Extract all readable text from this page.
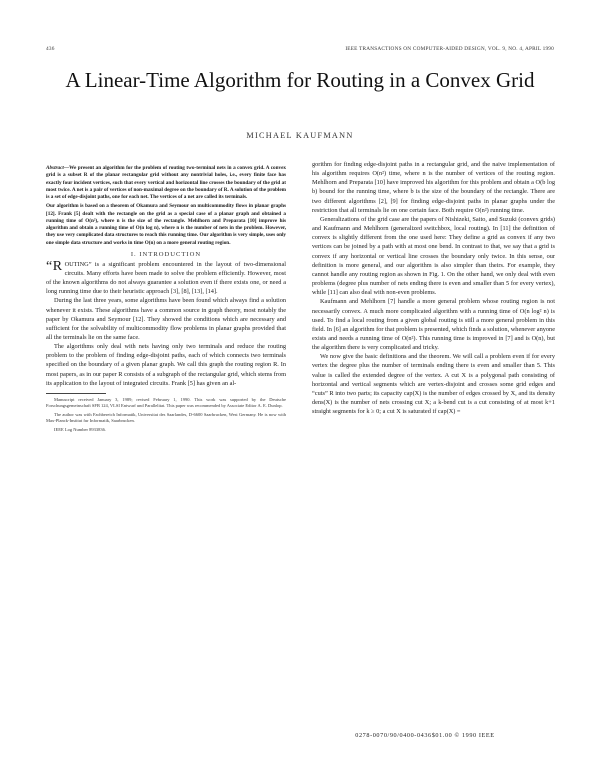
436	IEEE TRANSACTIONS ON COMPUTER-AIDED DESIGN, VOL. 9, NO. 4, APRIL 1990
A Linear-Time Algorithm for Routing in a Convex Grid
MICHAEL KAUFMANN

Abstract—We present an algorithm for the problem of routing two-terminal nets in a convex grid. A convex grid is a subset R of the planar rectangular grid without any nontrivial holes, i.e., every finite face has exactly four incident vertices, such that every vertical and horizontal line crosses the boundary of the grid at most twice. A net is a pair of vertices of non-maximal degree on the boundary of R. A solution of the problem is a set of edge-disjoint paths, one for each net. The vertices of a net are called its terminals.

Our algorithm is based on a theorem of Okamura and Seymour on multicommodity flows in planar graphs [12]. Frank [5] dealt with the rectangle on the grid as a special case of a planar graph and obtained a running time of O(n²), where n is the size of the rectangle. Mehlhorn and Preparata [10] improve his algorithm and obtain a running time of O(n log n), where n is the number of nets in the problem. However, they use very complicated data structures to reach this running time. Our algorithm is very simple, uses only one simple data structure and works in time O(n) on a more general routing region.

I. INTRODUCTION

“ROUTING” is a significant problem encountered in the layout of two-dimensional circuits. Many efforts have been made to solve the problem efficiently. However, most of the known algorithms do not always guarantee a solution even if there exists one, or need a long running time due to their heuristic approach [3], [8], [13], [14].

During the last three years, some algorithms have been found which always find a solution whenever it exists. These algorithms have a common source in graph theory, most notably the paper by Okamura and Seymour [12]. They showed the conditions which are necessary and sufficient for the solvability of multicommodity flow problems in planar graphs provided that all the terminals lie on the same face.

The algorithms only deal with nets having only two terminals and reduce the routing problem to the problem of finding edge-disjoint paths, each of which connects two terminals specified on the boundary of a given planar graph. We call this graph the routing region R. In most papers, as in our paper R consists of a subgraph of the rectangular grid, which stems from its application to the layout of integrated circuits. Frank [5] has given an al-

Manuscript received January 3, 1989; revised February 1, 1990. This work was supported by the Deutsche Forschungsgemeinschaft SFB 124, VLSI Entwurf und Parallelitat. This paper was recommended by Associate Editor A. E. Dunlop.

The author was with Fachbereich Informatik, Universitat des Saarlandes, D-6600 Saarbrucken, West Germany. He is now with Max-Planck-Institut fur Informatik, Saarbrucken.

IEEE Log Number 8933836.

gorithm for finding edge-disjoint paths in a rectangular grid, and the naive implementation of his algorithm requires O(n²) time, where n is the number of vertices of the routing region. Mehlhorn and Preparata [10] have improved his algorithm for this problem and obtain a O(b log b) bound for the running time, where b is the size of the boundary of the rectangle. There are two different algorithms [2], [9] for finding edge-disjoint paths in planar graphs under the restriction that all terminals lie on one certain face. Both require O(n²) running time.

Generalizations of the grid case are the papers of Nishizeki, Saito, and Suzuki (convex grids) and Kaufmann and Mehlhorn (generalized switchbox, local routing). In [11] the definition of convex is slightly different from the one used here: They define a grid as convex if any two vertices can be joined by a path with at most one bend. In contrast to that, we say that a grid is convex if any horizontal or vertical line crosses the boundary only twice. In this sense, our definition is more general, and our algorithm is also simpler than theirs. For example, they cannot handle any routing region as shown in Fig. 1. On the other hand, we only deal with even problems (degree plus number of nets ending there is even and smaller than 5 for every vertex), while [11] can also deal with non-even problems.

Kaufmann and Mehlhorn [7] handle a more general problem whose routing region is not necessarily convex. A much more complicated algorithm with a running time of O(n log² n) is used. To find a local routing from a given global routing is still a more general problem in this field. In [6] an algorithm for that problem is presented, which finds a solution, whenever anyone exists and needs a running time of O(n²). This running time is improved in [7] and is O(n), but the algorithm there is very complicated and tricky.

We now give the basic definitions and the theorem. We will call a problem even if for every vertex the degree plus the number of terminals ending there is even and smaller than 5. This value is called the extended degree of the vertex. A cut X is a polygonal path consisting of horizontal and vertical segments which are vertex-disjoint and crosses some grid edges and “cuts” R into two parts; its capacity cap(X) is the number of edges crossed by X, and its density dens(X) is the number of nets crossing cut X; a k-bend cut is a cut consisting of at most k+1 straight segments for k ≥ 0; a cut X is saturated if cap(X) =

0278-0070/90/0400-0436$01.00 © 1990 IEEE
